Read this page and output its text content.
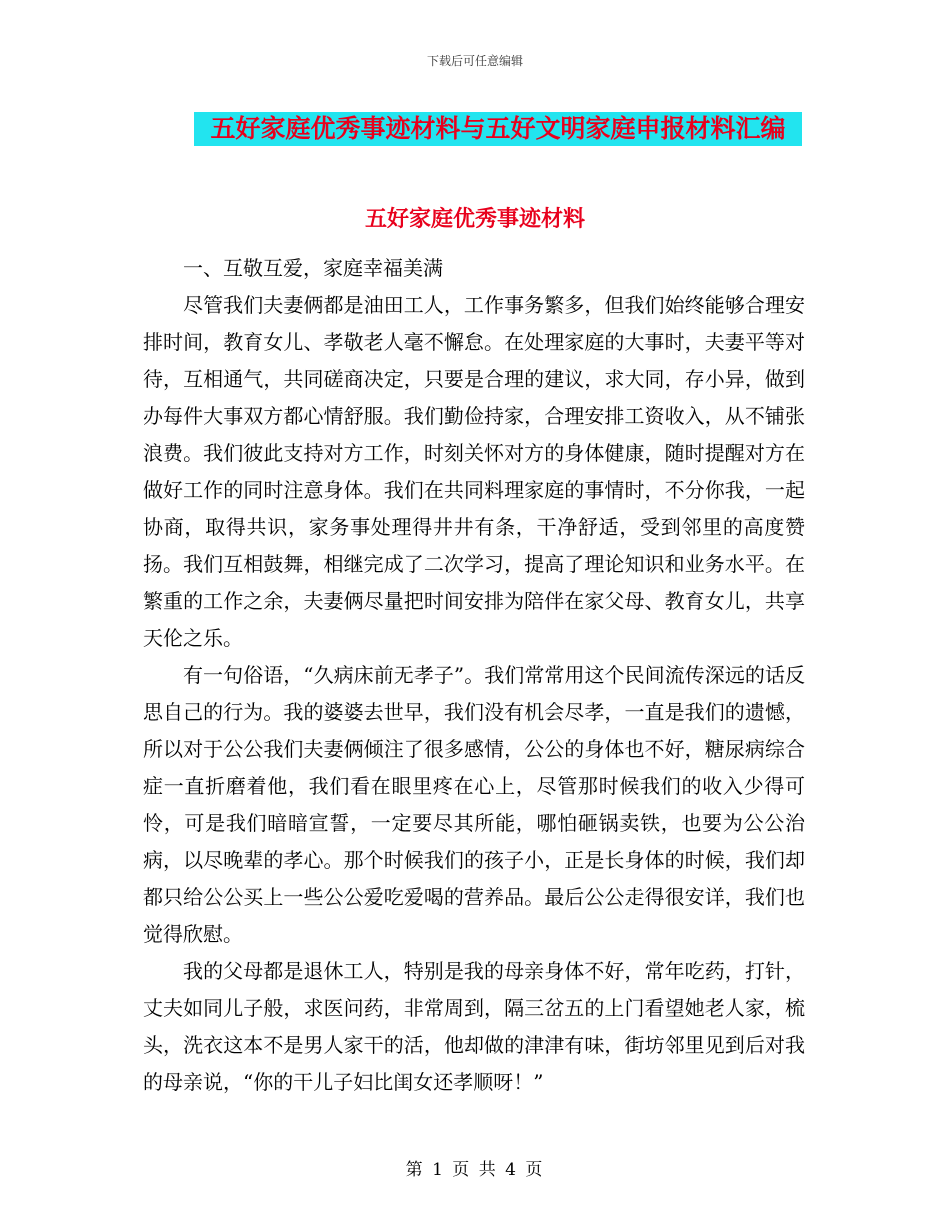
下载后可任意编辑
五好家庭优秀事迹材料与五好文明家庭申报材料汇编
五好家庭优秀事迹材料

一、互敬互爱，家庭幸福美满

尽管我们夫妻俩都是油田工人，工作事务繁多，但我们始终能够合理安排时间，教育女儿、孝敬老人毫不懈怠。在处理家庭的大事时，夫妻平等对待，互相通气，共同磋商决定，只要是合理的建议，求大同，存小异，做到办每件大事双方都心情舒服。我们勤俭持家，合理安排工资收入，从不铺张浪费。我们彼此支持对方工作，时刻关怀对方的身体健康，随时提醒对方在做好工作的同时注意身体。我们在共同料理家庭的事情时，不分你我，一起协商，取得共识，家务事处理得井井有条，干净舒适，受到邻里的高度赞扬。我们互相鼓舞，相继完成了二次学习，提高了理论知识和业务水平。在繁重的工作之余，夫妻俩尽量把时间安排为陪伴在家父母、教育女儿，共享天伦之乐。

有一句俗语，“久病床前无孝子”。我们常常用这个民间流传深远的话反思自己的行为。我的婆婆去世早，我们没有机会尽孝，一直是我们的遗憾，所以对于公公我们夫妻俩倾注了很多感情，公公的身体也不好，糖尿病综合症一直折磨着他，我们看在眼里疼在心上，尽管那时候我们的收入少得可怜，可是我们暗暗宣誓，一定要尽其所能，哪怕砸锅卖铁，也要为公公治病，以尽晚辈的孝心。那个时候我们的孩子小，正是长身体的时候，我们却都只给公公买上一些公公爱吃爱喝的营养品。最后公公走得很安详，我们也觉得欣慰。

我的父母都是退休工人，特别是我的母亲身体不好，常年吃药，打针，丈夫如同儿子般，求医问药，非常周到，隔三岔五的上门看望她老人家，梳头，洗衣这本不是男人家干的活，他却做的津津有味，街坊邻里见到后对我的母亲说，“你的干儿子妇比闺女还孝顺呀！”

第 1 页 共 4 页
